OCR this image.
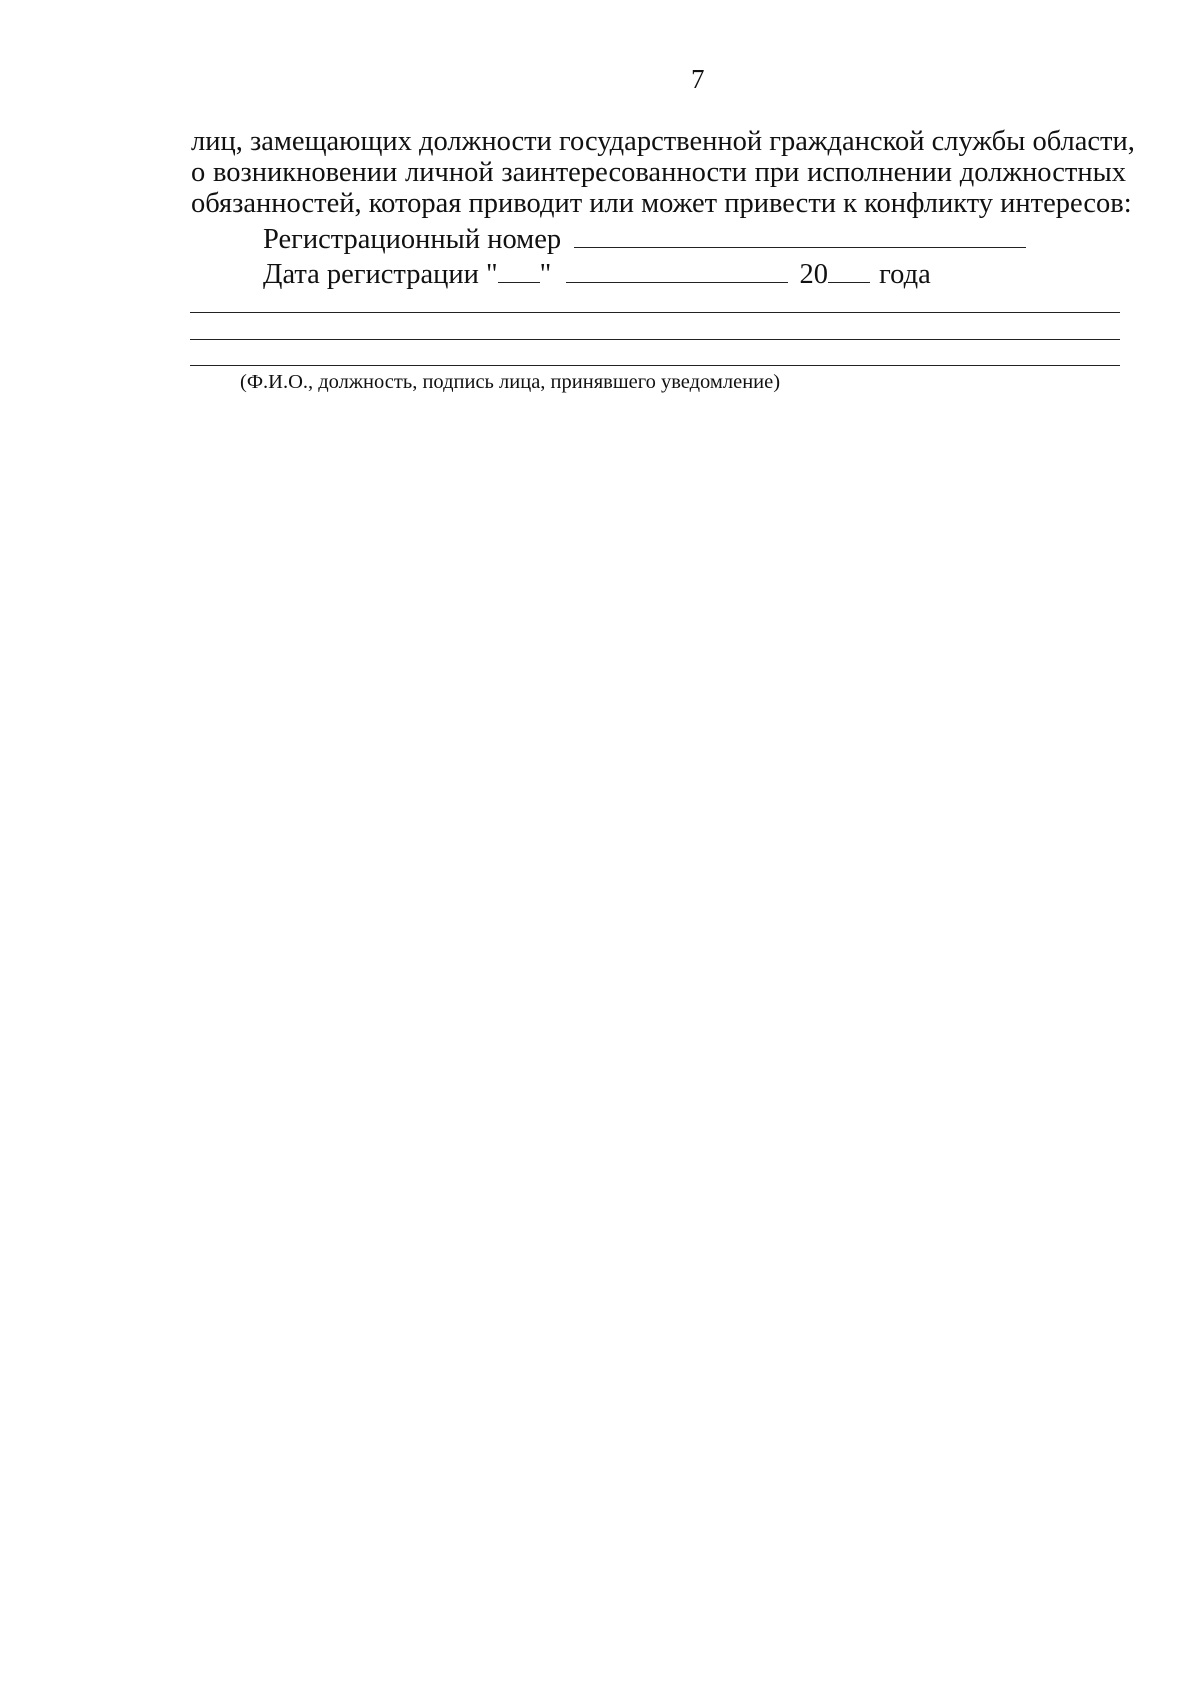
7
лиц, замещающих должности государственной гражданской службы области,
о возникновении личной заинтересованности при исполнении должностных
обязанностей, которая приводит или может привести к конфликту интересов:
Регистрационный номер
Дата регистрации " "	20 года
(Ф.И.О., должность, подпись лица, принявшего уведомление)
